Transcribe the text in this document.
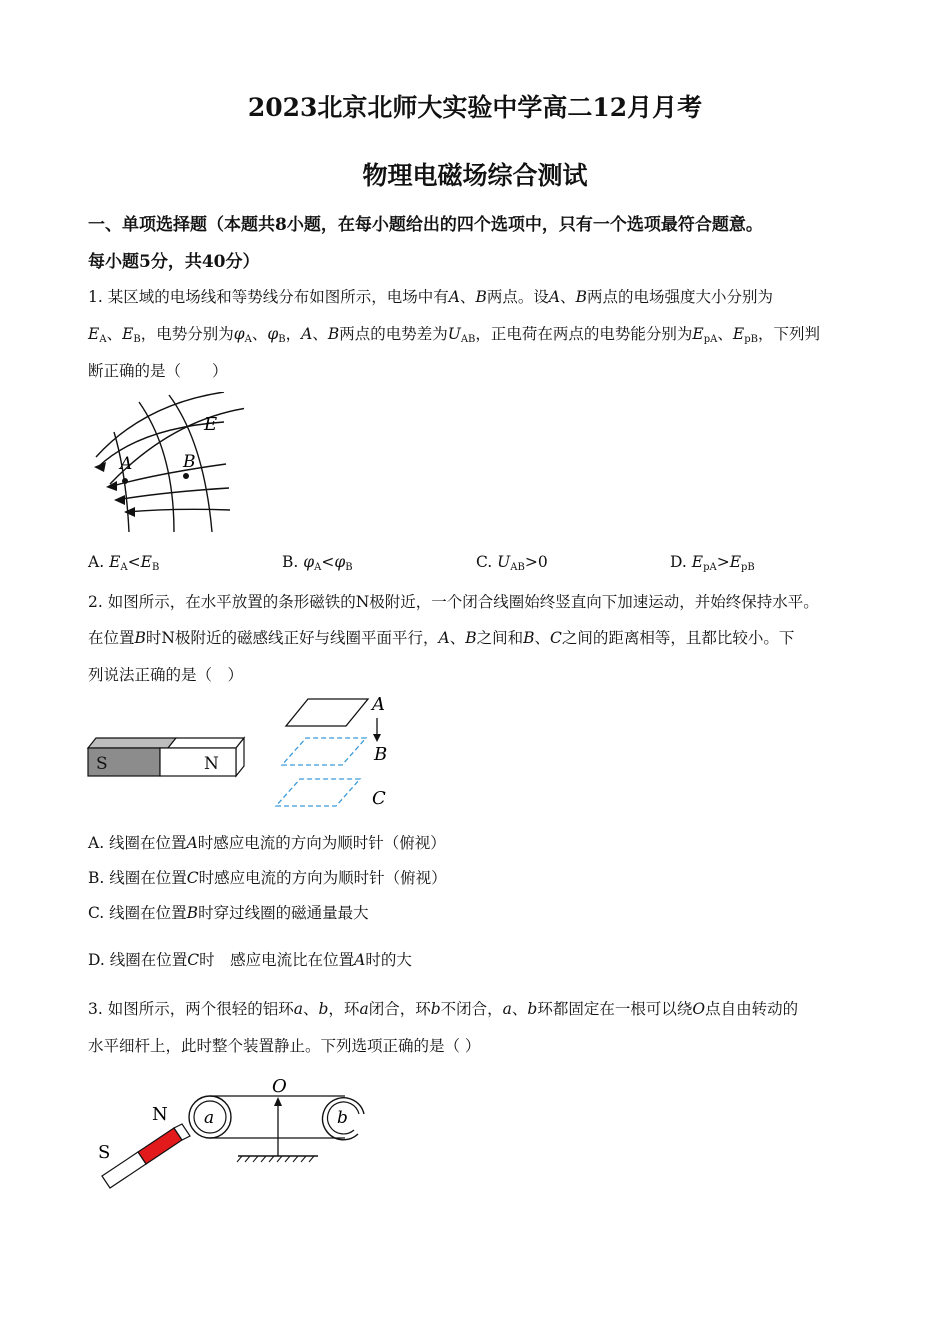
2023北京北师大实验中学高二12月月考
物理电磁场综合测试
一、单项选择题（本题共8小题，在每小题给出的四个选项中，只有一个选项最符合题意。
每小题5分，共40分）
1. 某区域的电场线和等势线分布如图所示，电场中有A、B两点。设A、B两点的电场强度大小分别为
$E_A$、$E_B$，电势分别为$\varphi_A$、$\varphi_B$，A、B两点的电势差为$U_{AB}$，正电荷在两点的电势能分别为$E_{pA}$、$E_{pB}$，下列判
断正确的是（　　）
E
A	B
A. $E_A<E_B$	B. $\varphi_A<\varphi_B$	C. $U_{AB}>0$	D. $E_{pA}>E_{pB}$
2. 如图所示，在水平放置的条形磁铁的N极附近，一个闭合线圈始终竖直向下加速运动，并始终保持水平。
在位置B时N极附近的磁感线正好与线圈平面平行，A、B之间和B、C之间的距离相等，且都比较小。下
列说法正确的是（　）
S	N
A
B
C
A. 线圈在位置A时感应电流的方向为顺时针（俯视）
B. 线圈在位置C时感应电流的方向为顺时针（俯视）
C. 线圈在位置B时穿过线圈的磁通量最大
D. 线圈在位置C时　感应电流比在位置A时的大
3. 如图所示，两个很轻的铝环a、b，环a闭合，环b不闭合，a、b环都固定在一根可以绕O点自由转动的
水平细杆上，此时整个装置静止。下列选项正确的是（ ）
N
S
a	b
O
